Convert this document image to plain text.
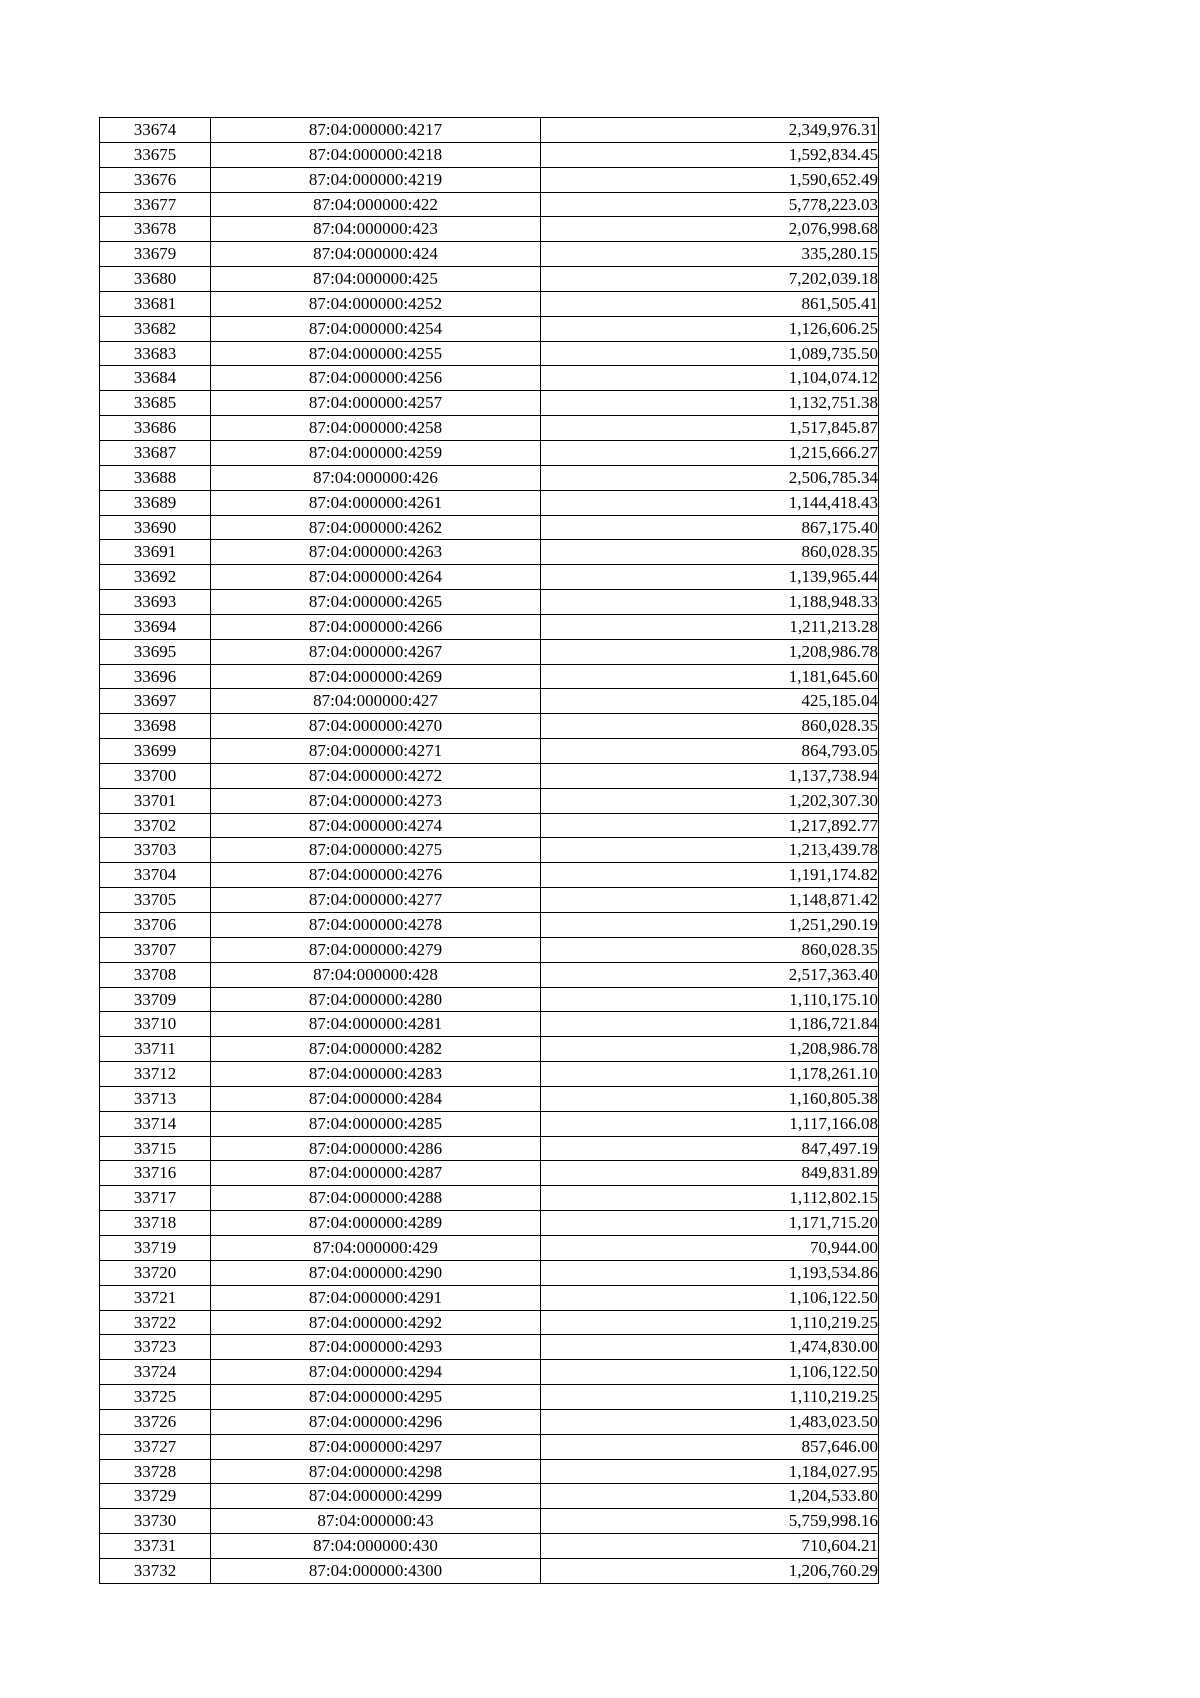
33674	87:04:000000:4217	2,349,976.31
33675	87:04:000000:4218	1,592,834.45
33676	87:04:000000:4219	1,590,652.49
33677	87:04:000000:422	5,778,223.03
33678	87:04:000000:423	2,076,998.68
33679	87:04:000000:424	335,280.15
33680	87:04:000000:425	7,202,039.18
33681	87:04:000000:4252	861,505.41
33682	87:04:000000:4254	1,126,606.25
33683	87:04:000000:4255	1,089,735.50
33684	87:04:000000:4256	1,104,074.12
33685	87:04:000000:4257	1,132,751.38
33686	87:04:000000:4258	1,517,845.87
33687	87:04:000000:4259	1,215,666.27
33688	87:04:000000:426	2,506,785.34
33689	87:04:000000:4261	1,144,418.43
33690	87:04:000000:4262	867,175.40
33691	87:04:000000:4263	860,028.35
33692	87:04:000000:4264	1,139,965.44
33693	87:04:000000:4265	1,188,948.33
33694	87:04:000000:4266	1,211,213.28
33695	87:04:000000:4267	1,208,986.78
33696	87:04:000000:4269	1,181,645.60
33697	87:04:000000:427	425,185.04
33698	87:04:000000:4270	860,028.35
33699	87:04:000000:4271	864,793.05
33700	87:04:000000:4272	1,137,738.94
33701	87:04:000000:4273	1,202,307.30
33702	87:04:000000:4274	1,217,892.77
33703	87:04:000000:4275	1,213,439.78
33704	87:04:000000:4276	1,191,174.82
33705	87:04:000000:4277	1,148,871.42
33706	87:04:000000:4278	1,251,290.19
33707	87:04:000000:4279	860,028.35
33708	87:04:000000:428	2,517,363.40
33709	87:04:000000:4280	1,110,175.10
33710	87:04:000000:4281	1,186,721.84
33711	87:04:000000:4282	1,208,986.78
33712	87:04:000000:4283	1,178,261.10
33713	87:04:000000:4284	1,160,805.38
33714	87:04:000000:4285	1,117,166.08
33715	87:04:000000:4286	847,497.19
33716	87:04:000000:4287	849,831.89
33717	87:04:000000:4288	1,112,802.15
33718	87:04:000000:4289	1,171,715.20
33719	87:04:000000:429	70,944.00
33720	87:04:000000:4290	1,193,534.86
33721	87:04:000000:4291	1,106,122.50
33722	87:04:000000:4292	1,110,219.25
33723	87:04:000000:4293	1,474,830.00
33724	87:04:000000:4294	1,106,122.50
33725	87:04:000000:4295	1,110,219.25
33726	87:04:000000:4296	1,483,023.50
33727	87:04:000000:4297	857,646.00
33728	87:04:000000:4298	1,184,027.95
33729	87:04:000000:4299	1,204,533.80
33730	87:04:000000:43	5,759,998.16
33731	87:04:000000:430	710,604.21
33732	87:04:000000:4300	1,206,760.29
